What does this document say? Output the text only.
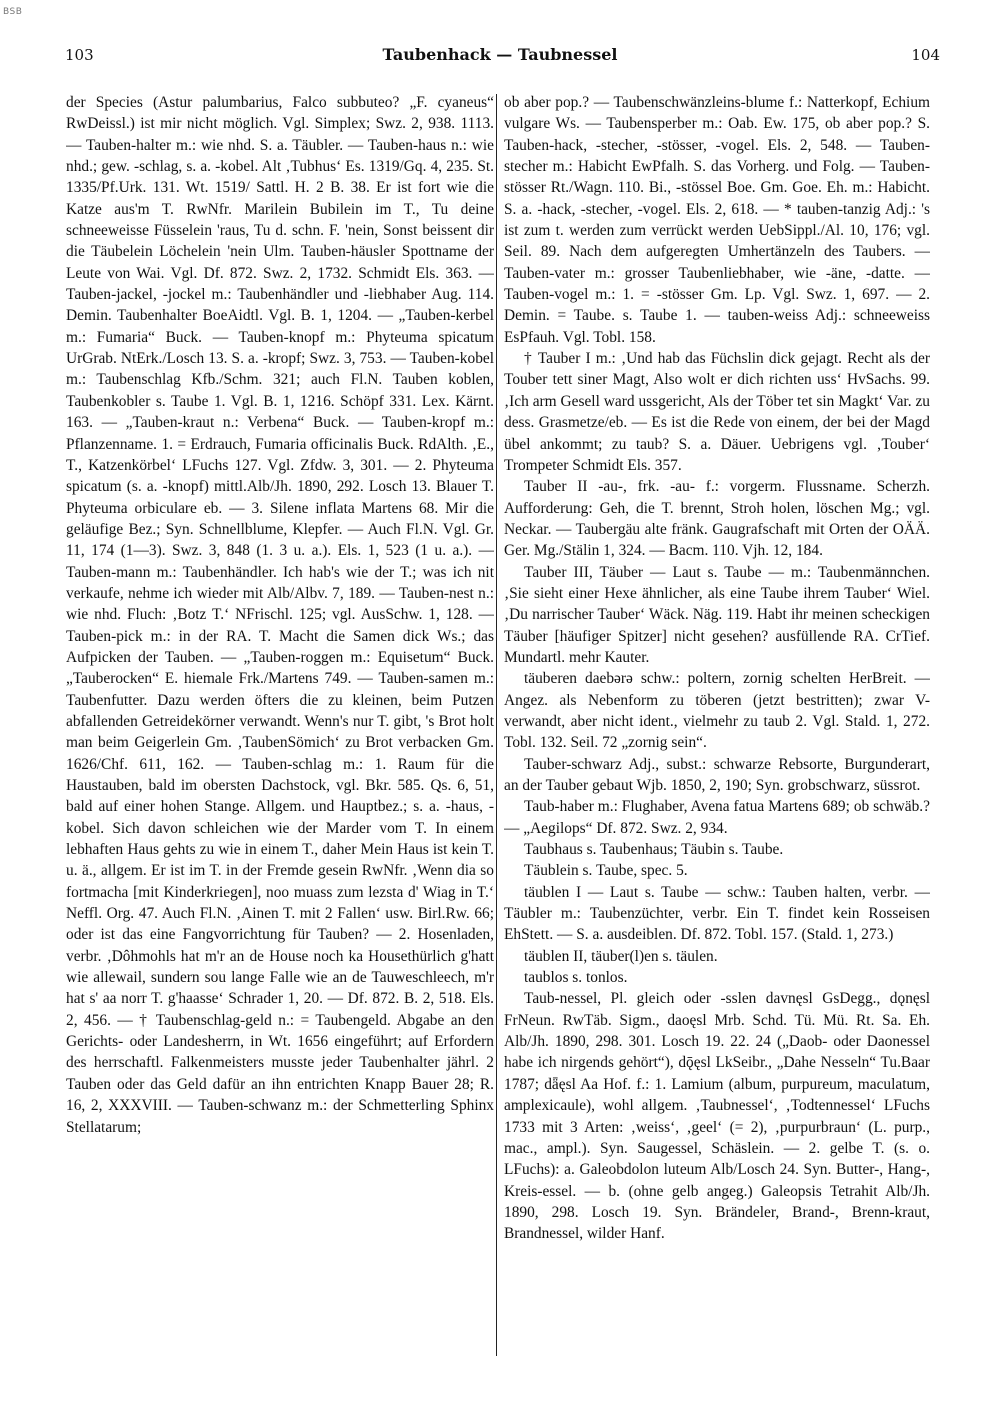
BSB
103	Taubenhack — Taubnessel	104

der Species (Astur palumbarius, Falco subbuteo? „F. cyaneus“ RwDeissl.) ist mir nicht möglich. Vgl. Simplex; Swz. 2, 938. 1113. — Tauben-halter m.: wie nhd. S. a. Täubler. — Tauben-haus n.: wie nhd.; gew. -schlag, s. a. -kobel. Alt ‚Tubhus‘ Es. 1319/Gq. 4, 235. St. 1335/Pf.Urk. 131. Wt. 1519/ Sattl. H. 2 B. 38. Er ist fort wie die Katze aus'm T. RwNfr. Marilein Bubilein im T., Tu deine schneeweisse Füsselein 'raus, Tu d. schn. F. 'nein, Sonst beissent dir die Täubelein Löchelein 'nein Ulm. Tauben-häusler Spottname der Leute von Wai. Vgl. Df. 872. Swz. 2, 1732. Schmidt Els. 363. — Tauben-jackel, -jockel m.: Taubenhändler und -liebhaber Aug. 114. Demin. Taubenhalter BoeAidtl. Vgl. B. 1, 1204. — „Tauben-kerbel m.: Fumaria“ Buck. — Tauben-knopf m.: Phyteuma spicatum UrGrab. NtErk./Losch 13. S. a. -kropf; Swz. 3, 753. — Tauben-kobel m.: Taubenschlag Kfb./Schm. 321; auch Fl.N. Tauben koblen, Taubenkobler s. Taube 1. Vgl. B. 1, 1216. Schöpf 331. Lex. Kärnt. 163. — „Tauben-kraut n.: Verbena“ Buck. — Tauben-kropf m.: Pflanzenname. 1. = Erdrauch, Fumaria officinalis Buck. RdAlth. ‚E., T., Katzenkörbel‘ LFuchs 127. Vgl. Zfdw. 3, 301. — 2. Phyteuma spicatum (s. a. -knopf) mittl.Alb/Jh. 1890, 292. Losch 13. Blauer T. Phyteuma orbiculare eb. — 3. Silene inflata Martens 68. Mir die geläufige Bez.; Syn. Schnellblume, Klepfer. — Auch Fl.N. Vgl. Gr. 11, 174 (1—3). Swz. 3, 848 (1. 3 u. a.). Els. 1, 523 (1 u. a.). — Tauben-mann m.: Taubenhändler. Ich hab's wie der T.; was ich nit verkaufe, nehme ich wieder mit Alb/Albv. 7, 189. — Tauben-nest n.: wie nhd. Fluch: ‚Botz T.‘ NFrischl. 125; vgl. AusSchw. 1, 128. — Tauben-pick m.: in der RA. T. Macht die Samen dick Ws.; das Aufpicken der Tauben. — „Tauben-roggen m.: Equisetum“ Buck. „Tauberocken“ E. hiemale Frk./Martens 749. — Tauben-samen m.: Taubenfutter. Dazu werden öfters die zu kleinen, beim Putzen abfallenden Getreidekörner verwandt. Wenn's nur T. gibt, 's Brot holt man beim Geigerlein Gm. ‚TaubenSömich‘ zu Brot verbacken Gm. 1626/Chf. 611, 162. — Tauben-schlag m.: 1. Raum für die Haustauben, bald im obersten Dachstock, vgl. Bkr. 585. Qs. 6, 51, bald auf einer hohen Stange. Allgem. und Hauptbez.; s. a. -haus, -kobel. Sich davon schleichen wie der Marder vom T. In einem lebhaften Haus gehts zu wie in einem T., daher Mein Haus ist kein T. u. ä., allgem. Er ist im T. in der Fremde gesein RwNfr. ‚Wenn dia so fortmacha [mit Kinderkriegen], noo muass zum lezsta d' Wiag in T.‘ Neffl. Org. 47. Auch Fl.N. ‚Ainen T. mit 2 Fallen‘ usw. Birl.Rw. 66; oder ist das eine Fangvorrichtung für Tauben? — 2. Hosenladen, verbr. ‚Dôhmohls hat m'r an de House noch ka Housethürlich g'hatt wie allewail, sundern sou lange Falle wie an de Tauweschleech, m'r hat s' aa norr T. g'haasse‘ Schrader 1, 20. — Df. 872. B. 2, 518. Els. 2, 456. — † Taubenschlag-geld n.: = Taubengeld. Abgabe an den Gerichts- oder Landesherrn, in Wt. 1656 eingeführt; auf Erfordern des herrschaftl. Falkenmeisters musste jeder Taubenhalter jährl. 2 Tauben oder das Geld dafür an ihn entrichten Knapp Bauer 28; R. 16, 2, XXXVIII. — Tauben-schwanz m.: der Schmetterling Sphinx Stellatarum;

ob aber pop.? — Taubenschwänzleins-blume f.: Natterkopf, Echium vulgare Ws. — Taubensperber m.: Oab. Ew. 175, ob aber pop.? S. Tauben-hack, -stecher, -stösser, -vogel. Els. 2, 548. — Tauben-stecher m.: Habicht EwPfalh. S. das Vorherg. und Folg. — Tauben-stösser Rt./Wagn. 110. Bi., -stössel Boe. Gm. Goe. Eh. m.: Habicht. S. a. -hack, -stecher, -vogel. Els. 2, 618. — * tauben-tanzig Adj.: 's ist zum t. werden zum verrückt werden UebSippl./Al. 10, 176; vgl. Seil. 89. Nach dem aufgeregten Umhertänzeln des Taubers. — Tauben-vater m.: grosser Taubenliebhaber, wie -äne, -datte. — Tauben-vogel m.: 1. = -stösser Gm. Lp. Vgl. Swz. 1, 697. — 2. Demin. = Taube. s. Taube 1. — tauben-weiss Adj.: schneeweiss EsPfauh. Vgl. Tobl. 158.

† Tauber I m.: ‚Und hab das Füchslin dick gejagt. Recht als der Touber tett siner Magt, Also wolt er dich richten uss‘ HvSachs. 99. ‚Ich arm Gesell ward ussgericht, Als der Töber tet sin Magkt‘ Var. zu dess. Grasmetze/eb. — Es ist die Rede von einem, der bei der Magd übel ankommt; zu taub? S. a. Däuer. Uebrigens vgl. ‚Touber‘ Trompeter Schmidt Els. 357.

Tauber II -au-, frk. -au- f.: vorgerm. Flussname. Scherzh. Aufforderung: Geh, die T. brennt, Stroh holen, löschen Mg.; vgl. Neckar. — Taubergäu alte fränk. Gaugrafschaft mit Orten der OÄÄ. Ger. Mg./Stälin 1, 324. — Bacm. 110. Vjh. 12, 184.

Tauber III, Täuber — Laut s. Taube — m.: Taubenmännchen. ‚Sie sieht einer Hexe ähnlicher, als eine Taube ihrem Tauber‘ Wiel. ‚Du narrischer Tauber‘ Wäck. Näg. 119. Habt ihr meinen scheckigen Täuber [häufiger Spitzer] nicht gesehen? ausfüllende RA. CrTief. Mundartl. mehr Kauter.

täuberen daebərə schw.: poltern, zornig schelten HerBreit. — Angez. als Nebenform zu töberen (jetzt bestritten); zwar V-verwandt, aber nicht ident., vielmehr zu taub 2. Vgl. Stald. 1, 272. Tobl. 132. Seil. 72 „zornig sein“.

Tauber-schwarz Adj., subst.: schwarze Rebsorte, Burgunderart, an der Tauber gebaut Wjb. 1850, 2, 190; Syn. grobschwarz, süssrot.

Taub-haber m.: Flughaber, Avena fatua Martens 689; ob schwäb.? — „Aegilops“ Df. 872. Swz. 2, 934.

Taubhaus s. Taubenhaus; Täubin s. Taube.

Täublein s. Taube, spec. 5.

täublen I — Laut s. Taube — schw.: Tauben halten, verbr. — Täubler m.: Taubenzüchter, verbr. Ein T. findet kein Rosseisen EhStett. — S. a. ausdeiblen. Df. 872. Tobl. 157. (Stald. 1, 273.)

täublen II, täuber(l)en s. täulen.

taublos s. tonlos.

Taub-nessel, Pl. gleich oder -sslen davnęsl GsDegg., dǫnęsl FrNeun. RwTäb. Sigm., daoęsl Mrb. Schd. Tü. Mü. Rt. Sa. Eh. Alb/Jh. 1890, 298. 301. Losch 19. 22. 24 („Daob- oder Daonessel habe ich nirgends gehört“), dǭęsl LkSeibr., „Dahe Nesseln“ Tu.Baar 1787; dǟęsl Aa Hof. f.: 1. Lamium (album, purpureum, maculatum, amplexicaule), wohl allgem. ‚Taubnessel‘, ‚Todtennessel‘ LFuchs 1733 mit 3 Arten: ‚weiss‘, ‚geel‘ (= 2), ‚purpurbraun‘ (L. purp., mac., ampl.). Syn. Saugessel, Schäslein. — 2. gelbe T. (s. o. LFuchs): a. Galeobdolon luteum Alb/Losch 24. Syn. Butter-, Hang-, Kreis-essel. — b. (ohne gelb angeg.) Galeopsis Tetrahit Alb/Jh. 1890, 298. Losch 19. Syn. Brändeler, Brand-, Brenn-kraut, Brandnessel, wilder Hanf.
